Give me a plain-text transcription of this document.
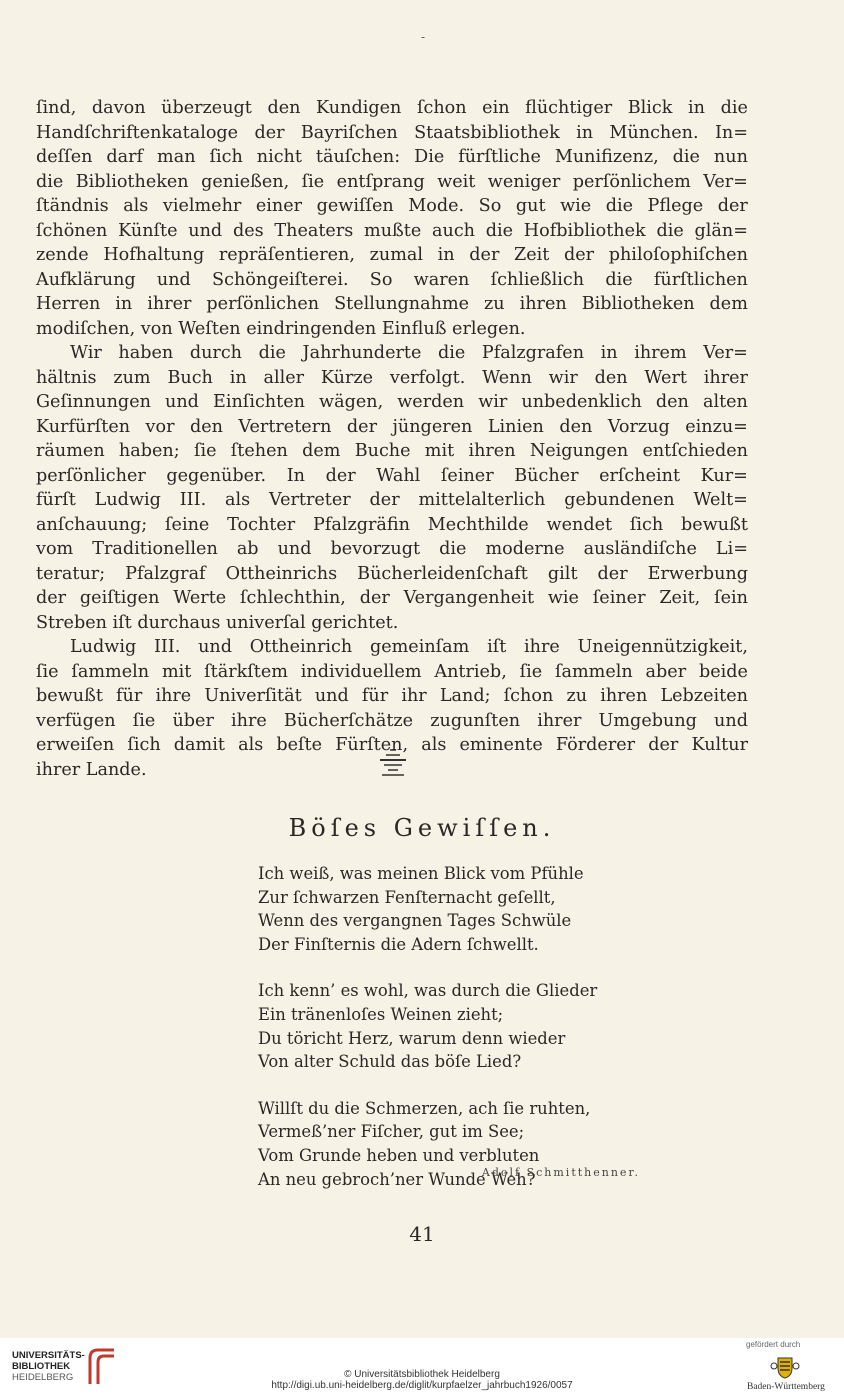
-
ſind, davon überzeugt den Kundigen ſchon ein flüchtiger Blick in die
Handſchriftenkataloge der Bayriſchen Staatsbibliothek in München. In=
deſſen darf man ſich nicht täuſchen: Die fürſtliche Munifizenz, die nun
die Bibliotheken genießen, ſie entſprang weit weniger perſönlichem Ver=
ſtändnis als vielmehr einer gewiſſen Mode. So gut wie die Pflege der
ſchönen Künſte und des Theaters mußte auch die Hofbibliothek die glän=
zende Hofhaltung repräſentieren, zumal in der Zeit der philoſophiſchen
Aufklärung und Schöngeiſterei. So waren ſchließlich die fürſtlichen
Herren in ihrer perſönlichen Stellungnahme zu ihren Bibliotheken dem
modiſchen, von Weſten eindringenden Einfluß erlegen.
Wir haben durch die Jahrhunderte die Pfalzgrafen in ihrem Ver=
hältnis zum Buch in aller Kürze verfolgt. Wenn wir den Wert ihrer
Geſinnungen und Einſichten wägen, werden wir unbedenklich den alten
Kurfürſten vor den Vertretern der jüngeren Linien den Vorzug einzu=
räumen haben; ſie ſtehen dem Buche mit ihren Neigungen entſchieden
perſönlicher gegenüber. In der Wahl ſeiner Bücher erſcheint Kur=
fürſt Ludwig III. als Vertreter der mittelalterlich gebundenen Welt=
anſchauung; ſeine Tochter Pfalzgräfin Mechthilde wendet ſich bewußt
vom Traditionellen ab und bevorzugt die moderne ausländiſche Li=
teratur; Pfalzgraf Ottheinrichs Bücherleidenſchaft gilt der Erwerbung
der geiſtigen Werte ſchlechthin, der Vergangenheit wie ſeiner Zeit, ſein
Streben iſt durchaus univerſal gerichtet.
Ludwig III. und Ottheinrich gemeinſam iſt ihre Uneigennützigkeit,
ſie ſammeln mit ſtärkſtem individuellem Antrieb, ſie ſammeln aber beide
bewußt für ihre Univerſität und für ihr Land; ſchon zu ihren Lebzeiten
verfügen ſie über ihre Bücherſchätze zugunſten ihrer Umgebung und
erweiſen ſich damit als beſte Fürſten, als eminente Förderer der Kultur
ihrer Lande.
Böſes Gewiſſen.
Ich weiß, was meinen Blick vom Pfühle
Zur ſchwarzen Fenſternacht geſellt,
Wenn des vergangnen Tages Schwüle
Der Finſternis die Adern ſchwellt.
Ich kenn’ es wohl, was durch die Glieder
Ein tränenloſes Weinen zieht;
Du töricht Herz, warum denn wieder
Von alter Schuld das böſe Lied?
Willſt du die Schmerzen, ach ſie ruhten,
Vermeß’ner Fiſcher, gut im See;
Vom Grunde heben und verbluten
An neu gebroch’ner Wunde Weh?
Adolf Schmitthenner.
41
UNIVERSITÄTS-
BIBLIOTHEK
HEIDELBERG	© Universitätsbibliothek Heidelberg
http://digi.ub.uni-heidelberg.de/diglit/kurpfaelzer_jahrbuch1926/0057
gefördert durch
Baden-Württemberg
